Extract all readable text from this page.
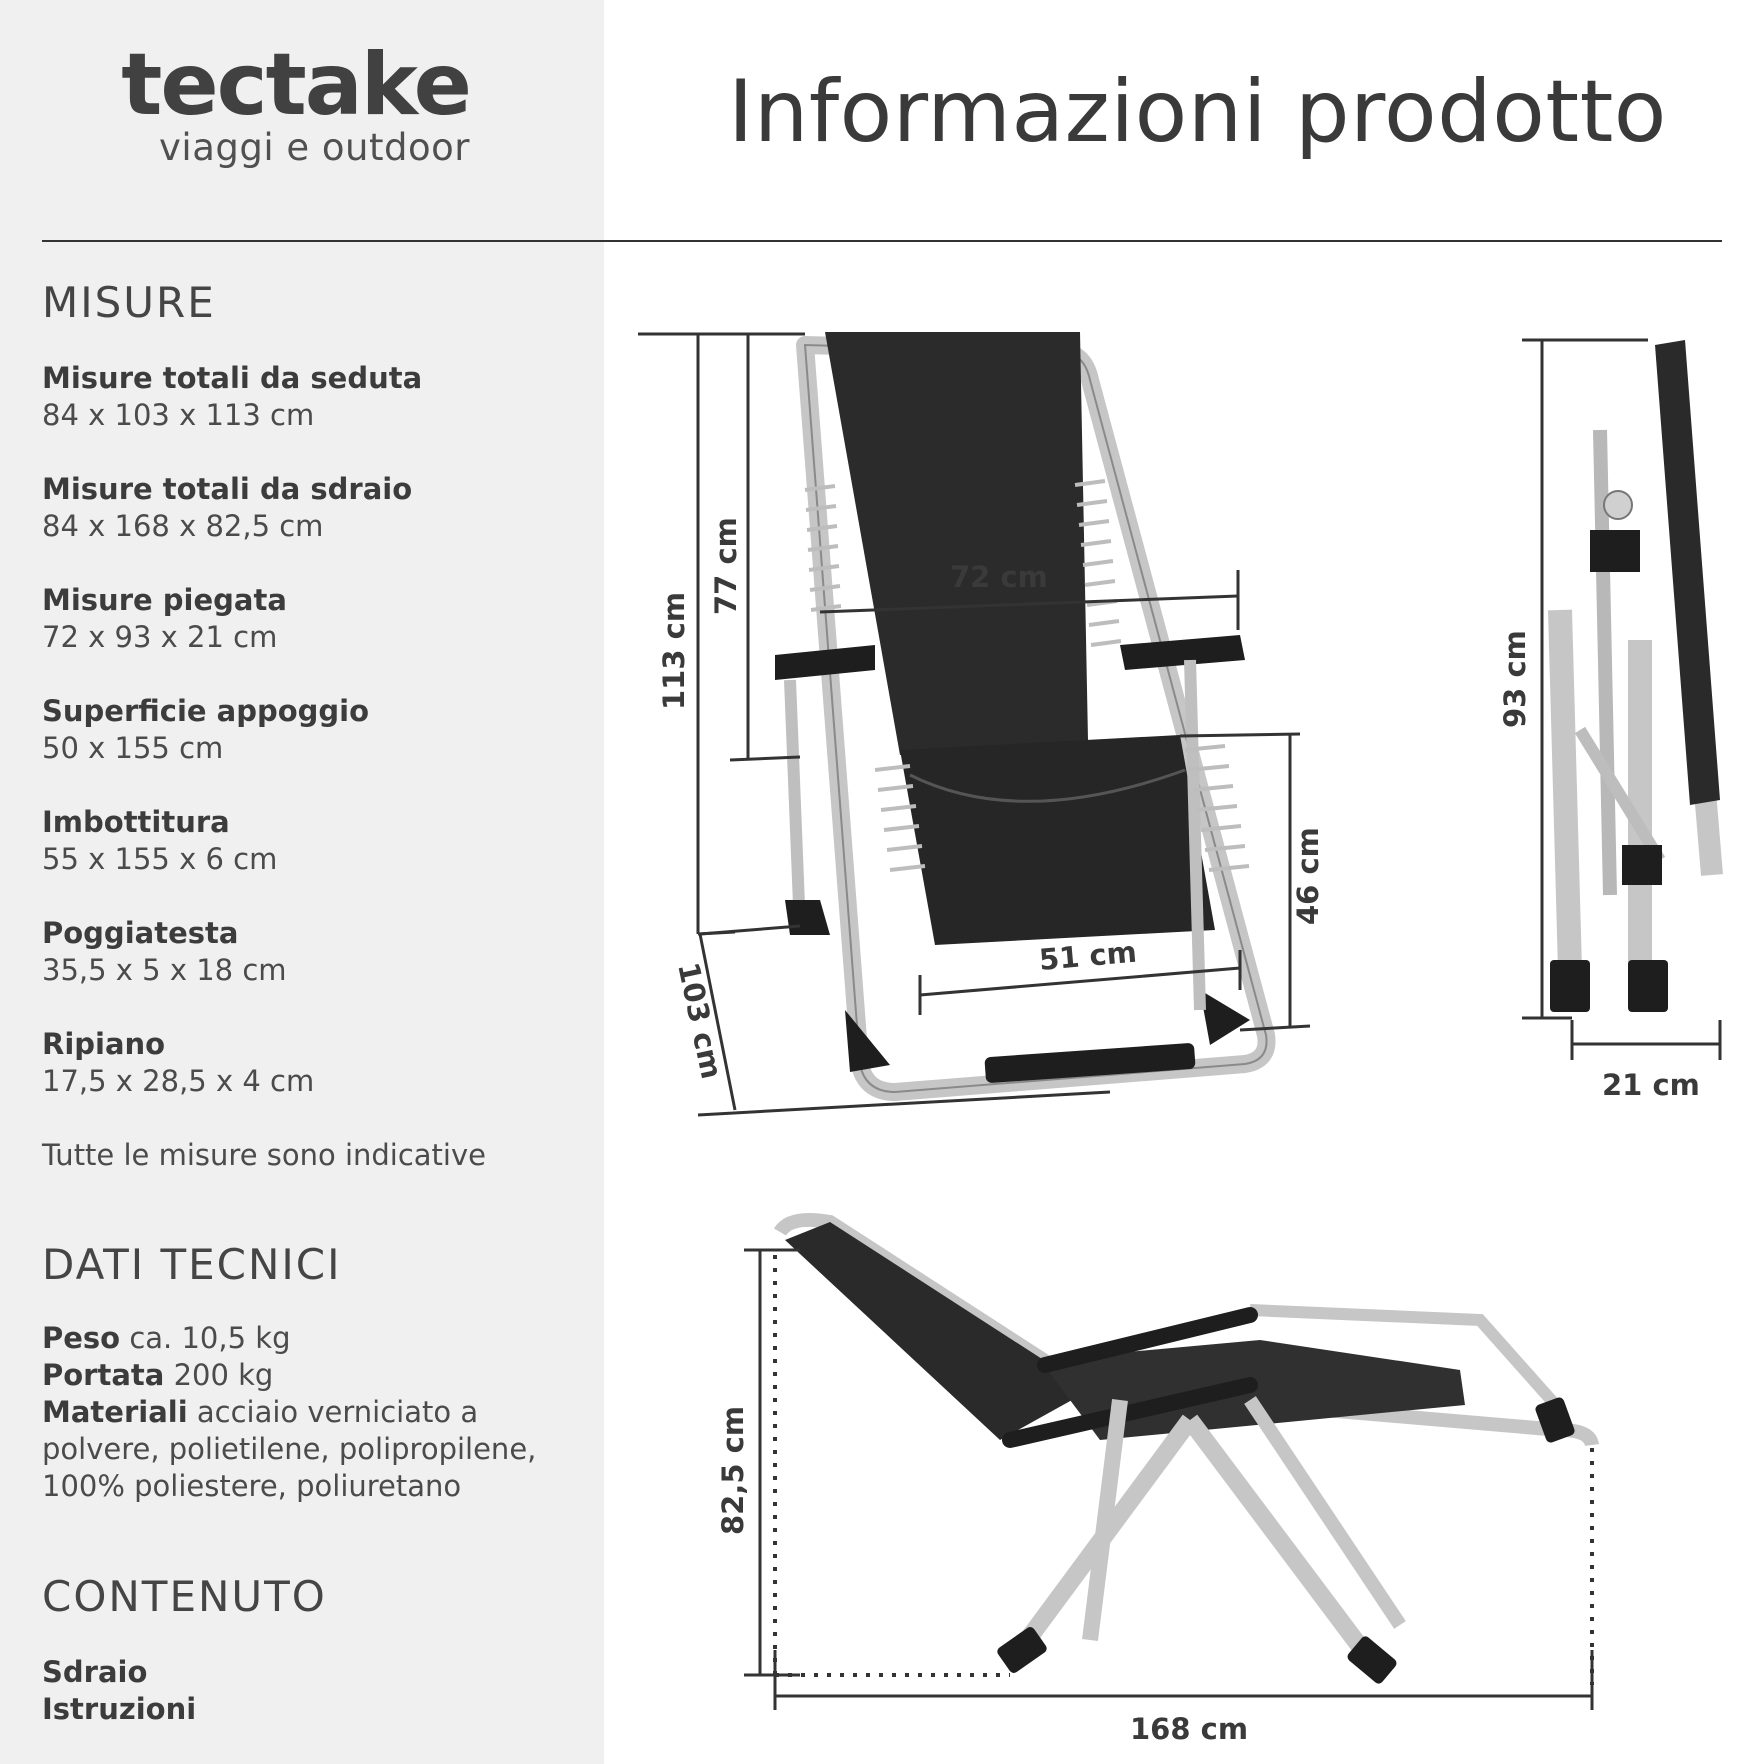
tectake
viaggi e outdoor	Informazioni prodotto
MISURE
Misure totali da seduta
84 x 103 x 113 cm
Misure totali da sdraio
84 x 168 x 82,5 cm
Misure piegata
72 x 93 x 21 cm
Superficie appoggio
50 x 155 cm
Imbottitura
55 x 155 x 6 cm
Poggiatesta
35,5 x 5 x 18 cm
Ripiano
17,5 x 28,5 x 4 cm
Tutte le misure sono indicative
DATI TECNICI
Peso ca. 10,5 kg
Portata 200 kg
Materiali acciaio verniciato a polvere, polietilene, polipropilene, 100% poliestere, poliuretano
CONTENUTO
Sdraio
Istruzioni
113 cm
77 cm	72 cm
46 cm
51 cm
103 cm
93 cm
21 cm
82,5 cm
168 cm
